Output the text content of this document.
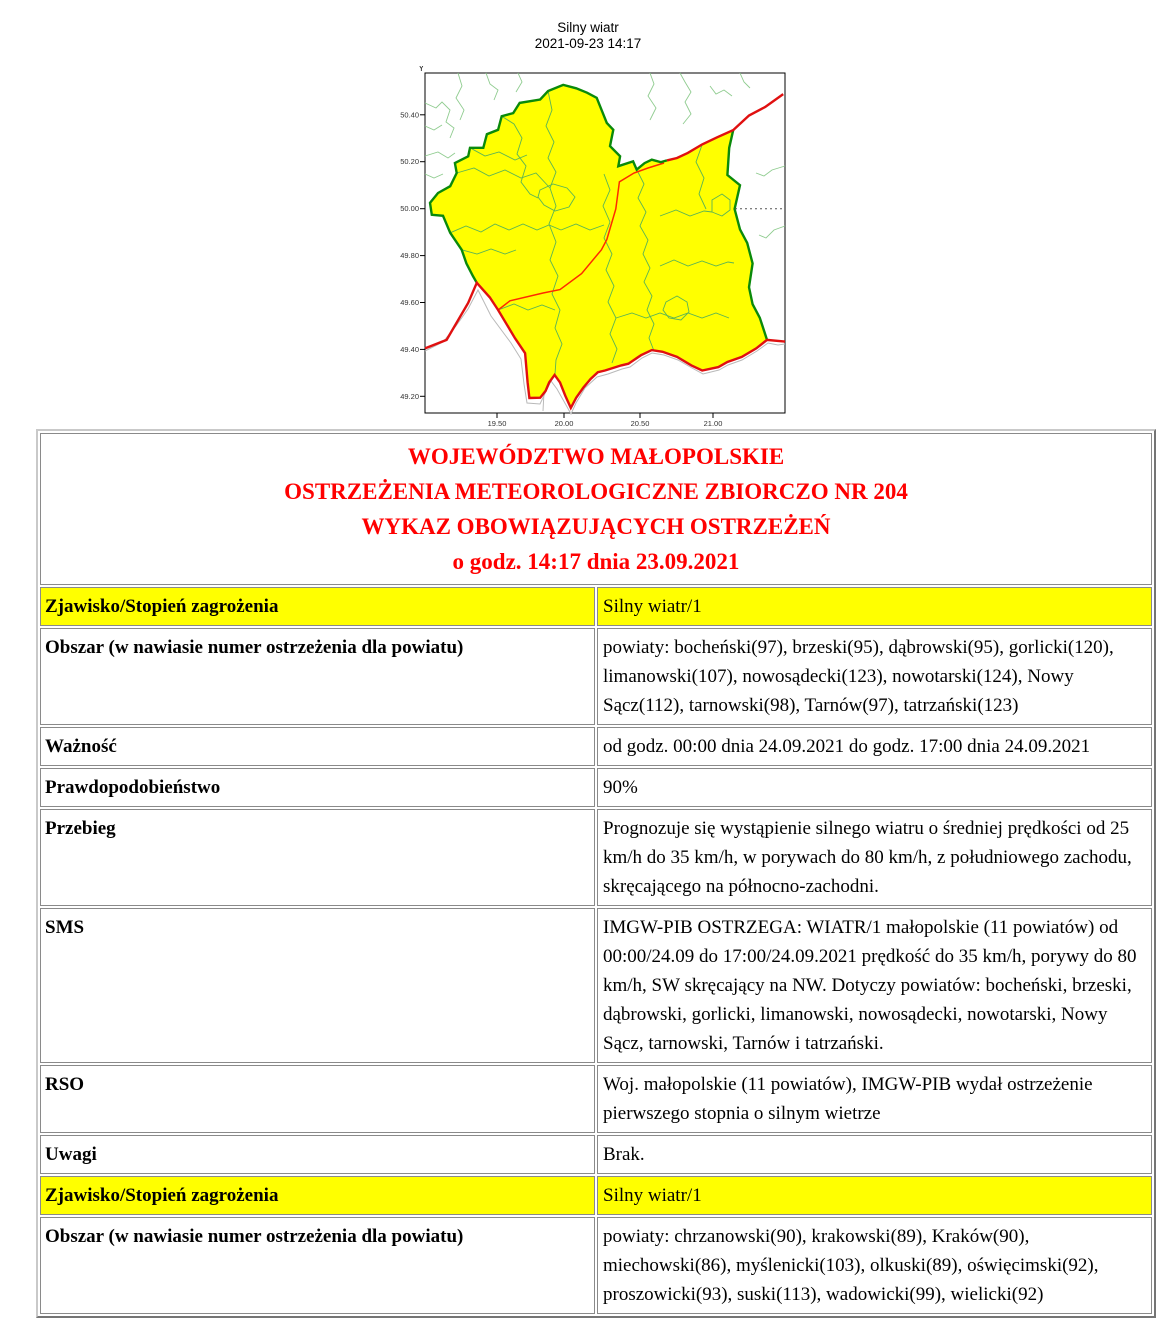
Silny wiatr
2021-09-23 14:17
Y
50.40
50.20
50.00
49.80
49.60
49.40
49.20
19.50	20.00	20.50	21.00
WOJEWÓDZTWO MAŁOPOLSKIE
OSTRZEŻENIA METEOROLOGICZNE ZBIORCZO NR 204
WYKAZ OBOWIĄZUJĄCYCH OSTRZEŻEŃ
o godz. 14:17 dnia 23.09.2021	

Zjawisko/Stopień zagrożenia	Silny wiatr/1
Obszar (w nawiasie numer ostrzeżenia dla powiatu)	powiaty: bocheński(97), brzeski(95), dąbrowski(95), gorlicki(120), limanowski(107), nowosądecki(123), nowotarski(124), Nowy Sącz(112), tarnowski(98), Tarnów(97), tatrzański(123)
Ważność	od godz. 00:00 dnia 24.09.2021 do godz. 17:00 dnia 24.09.2021
Prawdopodobieństwo	90%
Przebieg	Prognozuje się wystąpienie silnego wiatru o średniej prędkości od 25 km/h do 35 km/h, w porywach do 80 km/h, z południowego zachodu, skręcającego na północno-zachodni.
SMS	IMGW-PIB OSTRZEGA: WIATR/1 małopolskie (11 powiatów) od 00:00/24.09 do 17:00/24.09.2021 prędkość do 35 km/h, porywy do 80 km/h, SW skręcający na NW. Dotyczy powiatów: bocheński, brzeski, dąbrowski, gorlicki, limanowski, nowosądecki, nowotarski, Nowy Sącz, tarnowski, Tarnów i tatrzański.
RSO	Woj. małopolskie (11 powiatów), IMGW-PIB wydał ostrzeżenie pierwszego stopnia o silnym wietrze
Uwagi	Brak.
Zjawisko/Stopień zagrożenia	Silny wiatr/1
Obszar (w nawiasie numer ostrzeżenia dla powiatu)	powiaty: chrzanowski(90), krakowski(89), Kraków(90), miechowski(86), myślenicki(103), olkuski(89), oświęcimski(92), proszowicki(93), suski(113), wadowicki(99), wielicki(92)
